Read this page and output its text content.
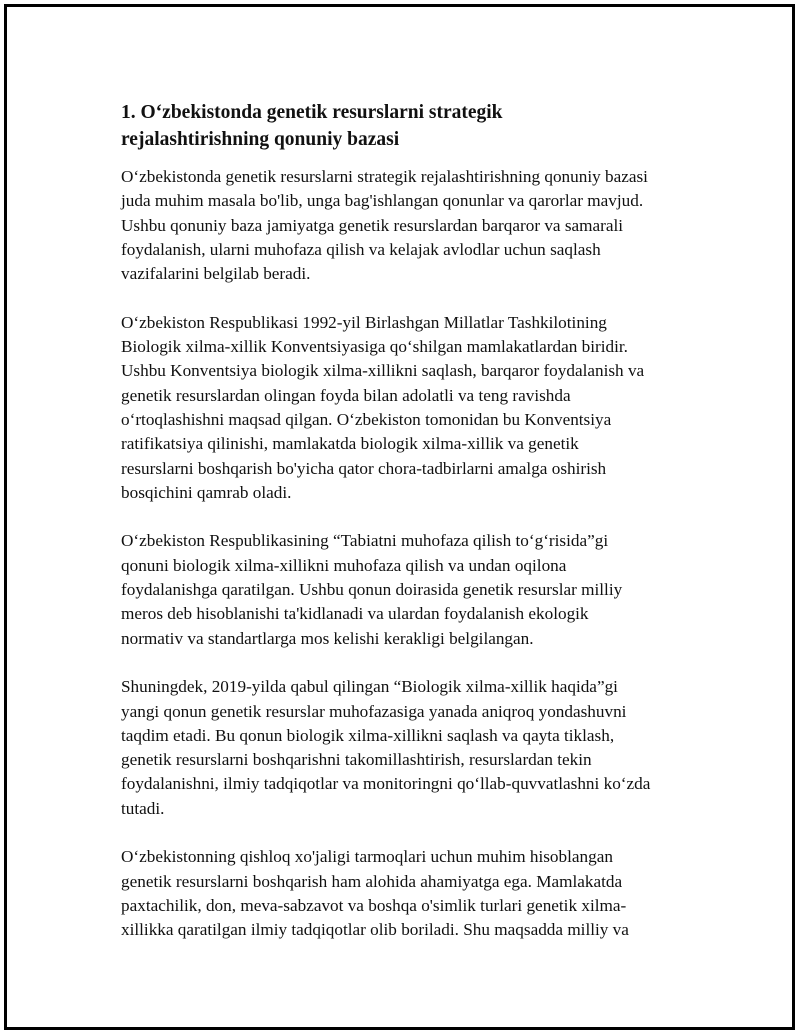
1. O‘zbekistonda genetik resurslarni strategik
rejalashtirishning qonuniy bazasi

O‘zbekistonda genetik resurslarni strategik rejalashtirishning qonuniy bazasi
juda muhim masala bo'lib, unga bag'ishlangan qonunlar va qarorlar mavjud.
Ushbu qonuniy baza jamiyatga genetik resurslardan barqaror va samarali
foydalanish, ularni muhofaza qilish va kelajak avlodlar uchun saqlash
vazifalarini belgilab beradi.

O‘zbekiston Respublikasi 1992-yil Birlashgan Millatlar Tashkilotining
Biologik xilma-xillik Konventsiyasiga qo‘shilgan mamlakatlardan biridir.
Ushbu Konventsiya biologik xilma-xillikni saqlash, barqaror foydalanish va
genetik resurslardan olingan foyda bilan adolatli va teng ravishda
o‘rtoqlashishni maqsad qilgan. O‘zbekiston tomonidan bu Konventsiya
ratifikatsiya qilinishi, mamlakatda biologik xilma-xillik va genetik
resurslarni boshqarish bo'yicha qator chora-tadbirlarni amalga oshirish
bosqichini qamrab oladi.

O‘zbekiston Respublikasining “Tabiatni muhofaza qilish to‘g‘risida”gi
qonuni biologik xilma-xillikni muhofaza qilish va undan oqilona
foydalanishga qaratilgan. Ushbu qonun doirasida genetik resurslar milliy
meros deb hisoblanishi ta'kidlanadi va ulardan foydalanish ekologik
normativ va standartlarga mos kelishi kerakligi belgilangan.

Shuningdek, 2019-yilda qabul qilingan “Biologik xilma-xillik haqida”gi
yangi qonun genetik resurslar muhofazasiga yanada aniqroq yondashuvni
taqdim etadi. Bu qonun biologik xilma-xillikni saqlash va qayta tiklash,
genetik resurslarni boshqarishni takomillashtirish, resurslardan tekin
foydalanishni, ilmiy tadqiqotlar va monitoringni qo‘llab-quvvatlashni ko‘zda
tutadi.

O‘zbekistonning qishloq xo'jaligi tarmoqlari uchun muhim hisoblangan
genetik resurslarni boshqarish ham alohida ahamiyatga ega. Mamlakatda
paxtachilik, don, meva-sabzavot va boshqa o'simlik turlari genetik xilma-
xillikka qaratilgan ilmiy tadqiqotlar olib boriladi. Shu maqsadda milliy va
